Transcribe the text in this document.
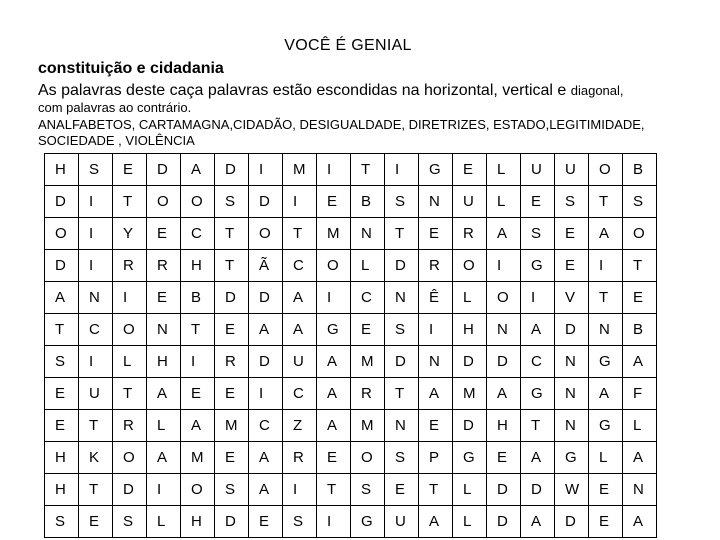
VOCÊ É GENIAL
constituição e cidadania
As palavras deste caça palavras estão escondidas na horizontal, vertical e diagonal,
com palavras ao contrário.
ANALFABETOS, CARTAMAGNA,CIDADÃO, DESIGUALDADE, DIRETRIZES, ESTADO,LEGITIMIDADE, SOCIEDADE , VIOLÊNCIA
H	S	E	D	A	D	I	M	I	T	I	G	E	L	U	U	O	B
D	I	T	O	O	S	D	I	E	B	S	N	U	L	E	S	T	S
O	I	Y	E	C	T	O	T	M	N	T	E	R	A	S	E	A	O
D	I	R	R	H	T	Ã	C	O	L	D	R	O	I	G	E	I	T
A	N	I	E	B	D	D	A	I	C	N	Ê	L	O	I	V	T	E
T	C	O	N	T	E	A	A	G	E	S	I	H	N	A	D	N	B
S	I	L	H	I	R	D	U	A	M	D	N	D	D	C	N	G	A
E	U	T	A	E	E	I	C	A	R	T	A	M	A	G	N	A	F
E	T	R	L	A	M	C	Z	A	M	N	E	D	H	T	N	G	L
H	K	O	A	M	E	A	R	E	O	S	P	G	E	A	G	L	A
H	T	D	I	O	S	A	I	T	S	E	T	L	D	D	W	E	N
S	E	S	L	H	D	E	S	I	G	U	A	L	D	A	D	E	A
